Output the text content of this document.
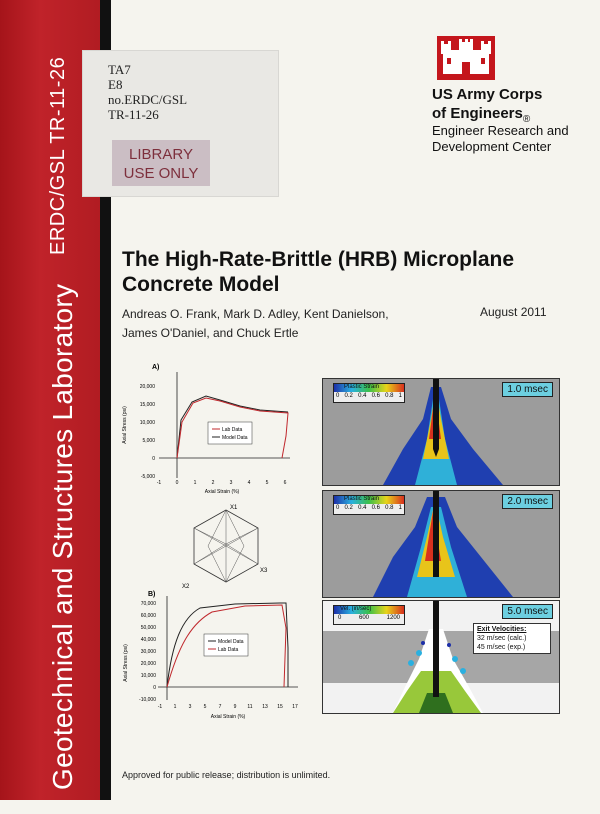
ERDC/GSL TR-11-26
Geotechnical and Structures Laboratory
TA7
E8
no.ERDC/GSL
TR-11-26
LIBRARY
USE ONLY
US Army Corps
of Engineers$_®$
Engineer Research and
Development Center
The High-Rate-Brittle (HRB) Microplane Concrete Model
Andreas O. Frank, Mark D. Adley, Kent Danielson,
James O'Daniel, and Chuck Ertle
August 2011
A)
Axial Stress (psi)
20,000
15,000
10,000
5,000
0
-5,000
-1	0	1	2	3	4	5	6
Axial Strain (%)
Lab Data
Model Data
X1
X3
X2
B)
Axial Stress (psi)
70,000
60,000
50,000
40,000
30,000
20,000
10,000
0
-10,000
-1 1 3 5 7 9 11 13 15 17
Axial Strain (%)
Model Data
Lab Data
Plastic Strain
0 0.2 0.4 0.6 0.8 1
1.0 msec
Plastic Strain
0 0.2 0.4 0.6 0.8 1
2.0 msec
Vel. (in/sec)
0	600	1200
5.0 msec
Exit Velocities:
32 m/sec (calc.)
45 m/sec (exp.)
Approved for public release; distribution is unlimited.
